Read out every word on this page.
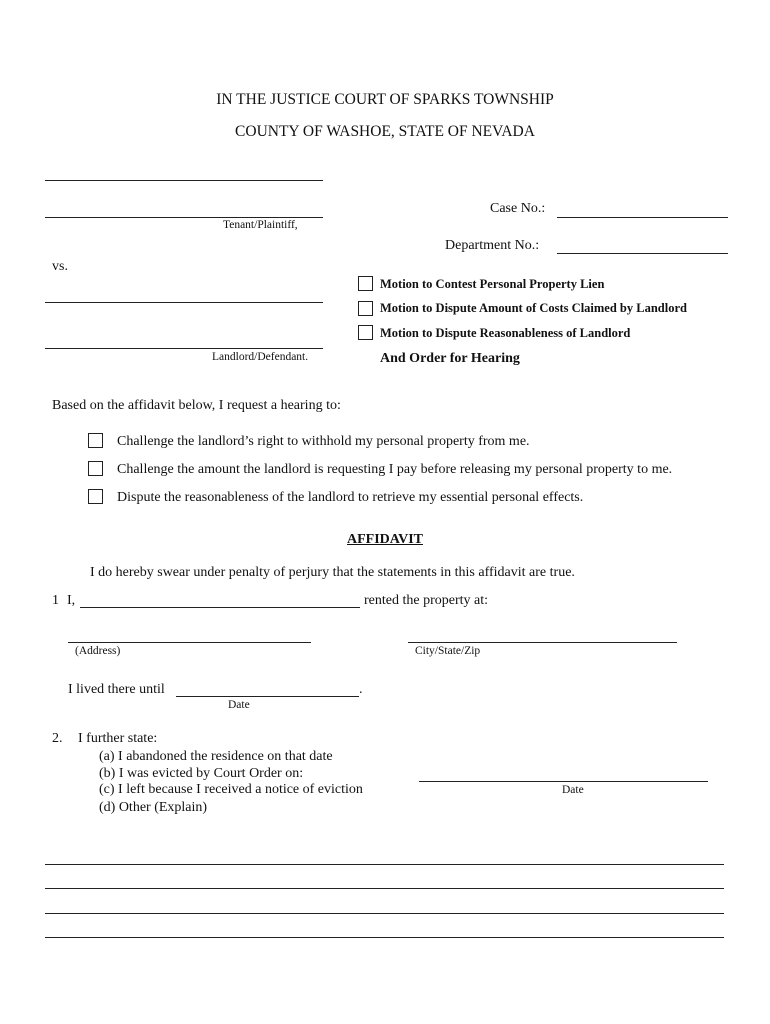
IN THE JUSTICE COURT OF SPARKS TOWNSHIP
COUNTY OF WASHOE, STATE OF NEVADA
Tenant/Plaintiff,
vs.
Landlord/Defendant.
Case No.:
Department No.:
Motion to Contest Personal Property Lien
Motion to Dispute Amount of Costs Claimed by Landlord
Motion to Dispute Reasonableness of Landlord
And Order for Hearing
Based on the affidavit below, I request a hearing to:
Challenge the landlord’s right to withhold my personal property from me.
Challenge the amount the landlord is requesting I pay before releasing my personal property to me.
Dispute the reasonableness of the landlord to retrieve my essential personal effects.
AFFIDAVIT
I do hereby swear under penalty of perjury that the statements in this affidavit are true.
1 I,	rented the property at:
(Address)	City/State/Zip
I lived there until	.
Date
2. I further state:
(a) I abandoned the residence on that date
(b) I was evicted by Court Order on:
(c) I left because I received a notice of eviction
(d) Other (Explain)
Date
